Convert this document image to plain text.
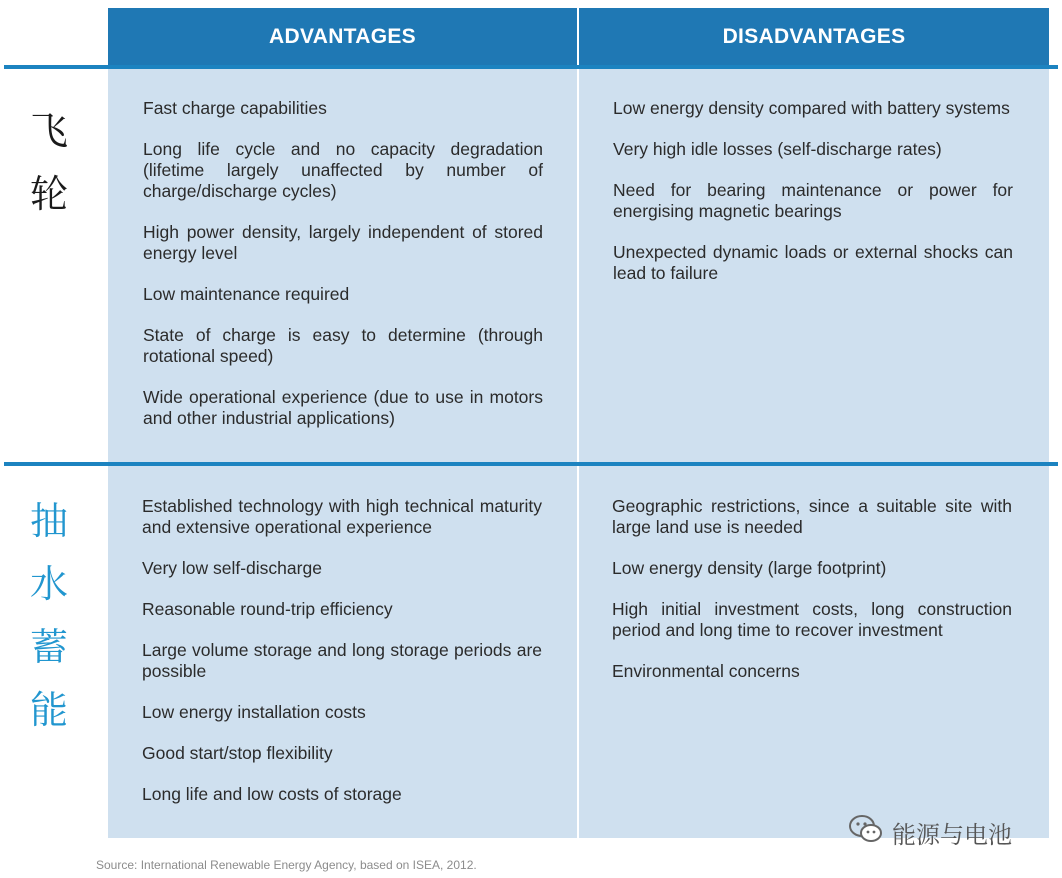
ADVANTAGES	DISADVANTAGES
飞
轮
Fast charge capabilities
Long life cycle and no capacity degradation (lifetime largely unaffected by number of charge/discharge cycles)
High power density, largely independent of stored energy level
Low maintenance required
State of charge is easy to determine (through rotational speed)
Wide operational experience (due to use in motors and other industrial applications)
Low energy density compared with battery systems
Very high idle losses (self-discharge rates)
Need for bearing maintenance or power for energising magnetic bearings
Unexpected dynamic loads or external shocks can lead to failure
抽
水
蓄
能
Established technology with high technical maturity and extensive operational experience
Very low self-discharge
Reasonable round-trip efficiency
Large volume storage and long storage periods are possible
Low energy installation costs
Good start/stop flexibility
Long life and low costs of storage
Geographic restrictions, since a suitable site with large land use is needed
Low energy density (large footprint)
High initial investment costs, long construction period and long time to recover investment
Environmental concerns
Source: International Renewable Energy Agency, based on ISEA, 2012.
能源与电池
